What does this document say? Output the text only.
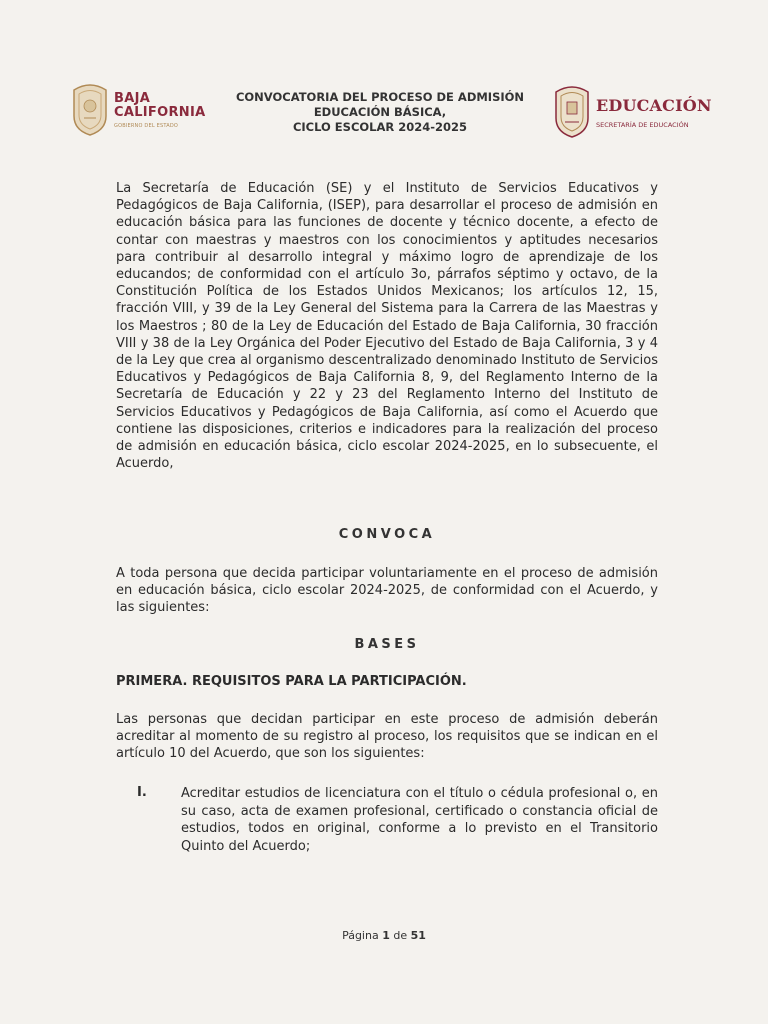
BAJA
CALIFORNIA
GOBIERNO DEL ESTADO
CONVOCATORIA DEL PROCESO DE ADMISIÓN
EDUCACIÓN BÁSICA,
CICLO ESCOLAR 2024-2025
EDUCACIÓN
SECRETARÍA DE EDUCACIÓN
La Secretaría de Educación (SE) y el Instituto de Servicios Educativos y Pedagógicos de Baja California, (ISEP), para desarrollar el proceso de admisión en educación básica para las funciones de docente y técnico docente, a efecto de contar con maestras y maestros con los conocimientos y aptitudes necesarios para contribuir al desarrollo integral y máximo logro de aprendizaje de los educandos; de conformidad con el artículo 3o, párrafos séptimo y octavo, de la Constitución Política de los Estados Unidos Mexicanos; los artículos 12, 15, fracción VIII, y 39 de la Ley General del Sistema para la Carrera de las Maestras y los Maestros ; 80 de la Ley de Educación del Estado de Baja California, 30 fracción VIII y 38 de la Ley Orgánica del Poder Ejecutivo del Estado de Baja California, 3 y 4 de la Ley que crea al organismo descentralizado denominado Instituto de Servicios Educativos y Pedagógicos de Baja California 8, 9, del Reglamento Interno de la Secretaría de Educación y 22 y 23 del Reglamento Interno del Instituto de Servicios Educativos y Pedagógicos de Baja California, así como el Acuerdo que contiene las disposiciones, criterios e indicadores para la realización del proceso de admisión en educación básica, ciclo escolar 2024-2025, en lo subsecuente, el Acuerdo,
CONVOCA
A toda persona que decida participar voluntariamente en el proceso de admisión en educación básica, ciclo escolar 2024-2025, de conformidad con el Acuerdo, y las siguientes:
BASES
PRIMERA. REQUISITOS PARA LA PARTICIPACIÓN.
Las personas que decidan participar en este proceso de admisión deberán acreditar al momento de su registro al proceso, los requisitos que se indican en el artículo 10 del Acuerdo, que son los siguientes:
I.	Acreditar estudios de licenciatura con el título o cédula profesional o, en su caso, acta de examen profesional, certificado o constancia oficial de estudios, todos en original, conforme a lo previsto en el Transitorio Quinto del Acuerdo;
Página 1 de 51
